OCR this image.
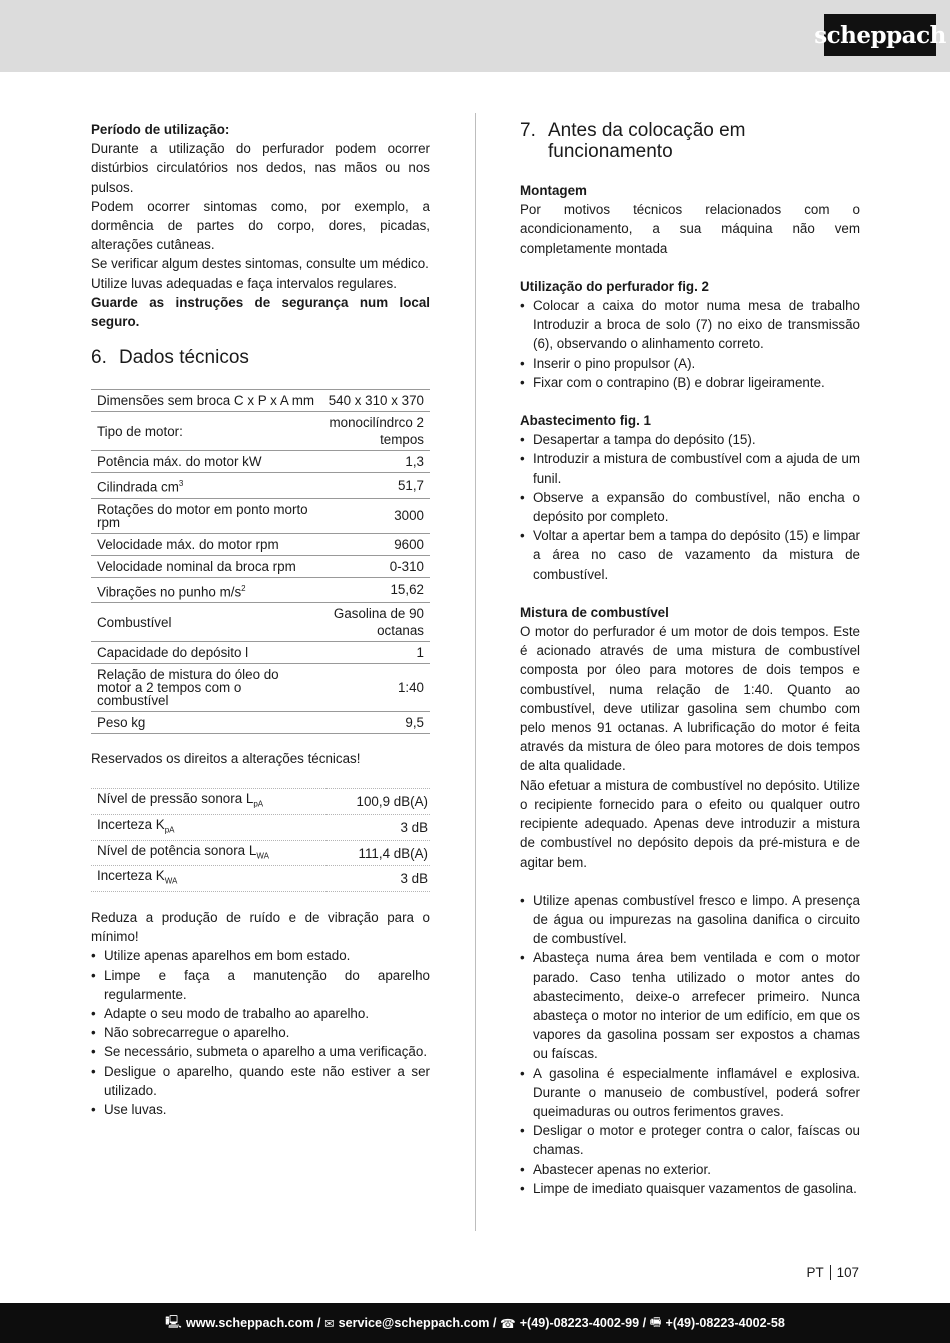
scheppach
Período de utilização:
Durante a utilização do perfurador podem ocorrer distúrbios circulatórios nos dedos, nas mãos ou nos pulsos.
Podem ocorrer sintomas como, por exemplo, a dormência de partes do corpo, dores, picadas, alterações cutâneas.
Se verificar algum destes sintomas, consulte um médico.
Utilize luvas adequadas e faça intervalos regulares.
Guarde as instruções de segurança num local seguro.
6. Dados técnicos
Dimensões sem broca C x P x A mm	540 x 310 x 370
Tipo de motor:	monocilíndrco 2 tempos
Potência máx. do motor kW	1,3
Cilindrada $cm^3$	51,7
Rotações do motor em ponto morto rpm	3000
Velocidade máx. do motor rpm	9600
Velocidade nominal da broca rpm	0-310
Vibrações no punho $m/s^2$	15,62
Combustível	Gasolina de 90 octanas
Capacidade do depósito l	1
Relação de mistura do óleo do motor a 2 tempos com o combustível	1:40
Peso kg	9,5
Reservados os direitos a alterações técnicas!
Nível de pressão sonora $L_{pA}$	100,9 dB(A)
Incerteza $K_{pA}$	3 dB
Nível de potência sonora $L_{WA}$	111,4 dB(A)
Incerteza $K_{WA}$	3 dB
Reduza a produção de ruído e de vibração para o mínimo!
• Utilize apenas aparelhos em bom estado.
• Limpe e faça a manutenção do aparelho regularmente.
• Adapte o seu modo de trabalho ao aparelho.
• Não sobrecarregue o aparelho.
• Se necessário, submeta o aparelho a uma verificação.
• Desligue o aparelho, quando este não estiver a ser utilizado.
• Use luvas.
7. Antes da colocação em funcionamento
Montagem
Por motivos técnicos relacionados com o acondicionamento, a sua máquina não vem completamente montada
Utilização do perfurador fig. 2
• Colocar a caixa do motor numa mesa de trabalho Introduzir a broca de solo (7) no eixo de transmissão (6), observando o alinhamento correto.
• Inserir o pino propulsor (A).
• Fixar com o contrapino (B) e dobrar ligeiramente.
Abastecimento fig. 1
• Desapertar a tampa do depósito (15).
• Introduzir a mistura de combustível com a ajuda de um funil.
• Observe a expansão do combustível, não encha o depósito por completo.
• Voltar a apertar bem a tampa do depósito (15) e limpar a área no caso de vazamento da mistura de combustível.
Mistura de combustível
O motor do perfurador é um motor de dois tempos. Este é acionado através de uma mistura de combustível composta por óleo para motores de dois tempos e combustível, numa relação de 1:40. Quanto ao combustível, deve utilizar gasolina sem chumbo com pelo menos 91 octanas. A lubrificação do motor é feita através da mistura de óleo para motores de dois tempos de alta qualidade.
Não efetuar a mistura de combustível no depósito. Utilize o recipiente fornecido para o efeito ou qualquer outro recipiente adequado. Apenas deve introduzir a mistura de combustível no depósito depois da pré-mistura e de agitar bem.
• Utilize apenas combustível fresco e limpo. A presença de água ou impurezas na gasolina danifica o circuito de combustível.
• Abasteça numa área bem ventilada e com o motor parado. Caso tenha utilizado o motor antes do abastecimento, deixe-o arrefecer primeiro. Nunca abasteça o motor no interior de um edifício, em que os vapores da gasolina possam ser expostos a chamas ou faíscas.
• A gasolina é especialmente inflamável e explosiva. Durante o manuseio de combustível, poderá sofrer queimaduras ou outros ferimentos graves.
• Desligar o motor e proteger contra o calor, faíscas ou chamas.
• Abastecer apenas no exterior.
• Limpe de imediato quaisquer vazamentos de gasolina.
PT 107
🖳 www.scheppach.com /
✉ service@scheppach.com /
☎ +(49)-08223-4002-99 /
🖷 +(49)-08223-4002-58
